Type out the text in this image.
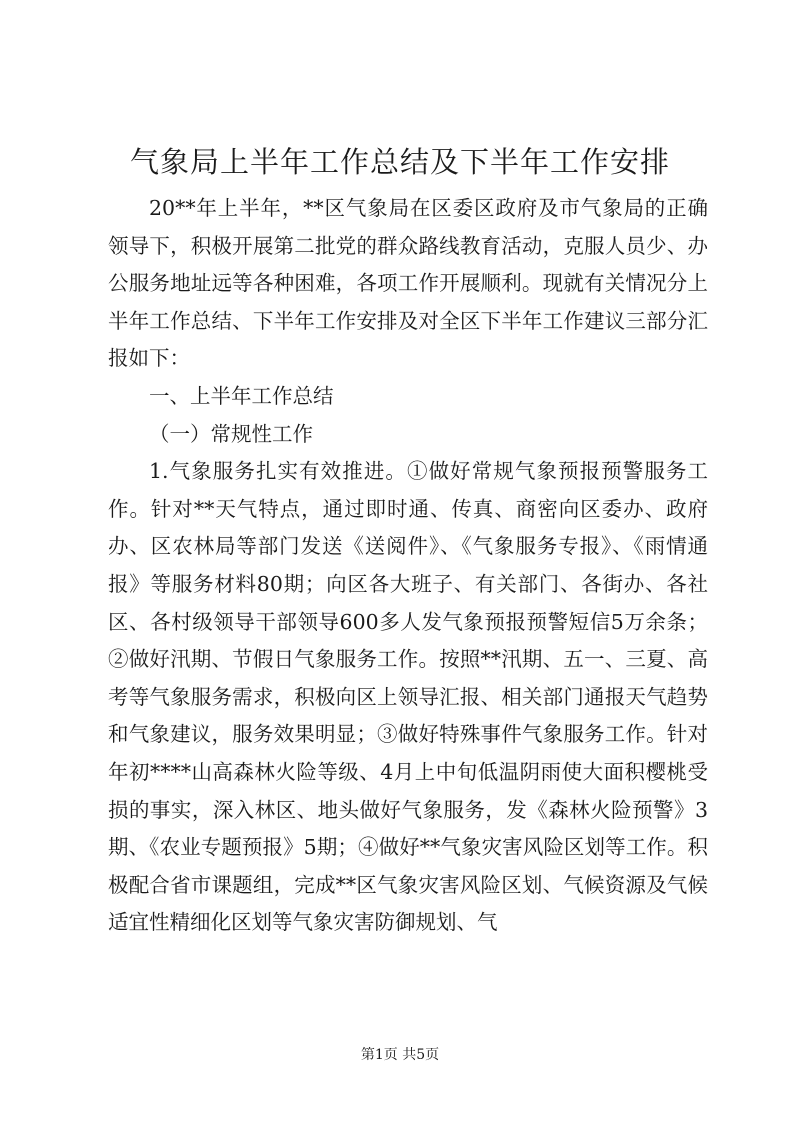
气象局上半年工作总结及下半年工作安排

20**年上半年，**区气象局在区委区政府及市气象局的正确领导下，积极开展第二批党的群众路线教育活动，克服人员少、办公服务地址远等各种困难，各项工作开展顺利。现就有关情况分上半年工作总结、下半年工作安排及对全区下半年工作建议三部分汇报如下：

一、上半年工作总结

（一）常规性工作

1.气象服务扎实有效推进。①做好常规气象预报预警服务工作。针对**天气特点，通过即时通、传真、商密向区委办、政府办、区农林局等部门发送《送阅件》、《气象服务专报》、《雨情通报》等服务材料80期；向区各大班子、有关部门、各街办、各社区、各村级领导干部领导600多人发气象预报预警短信5万余条；②做好汛期、节假日气象服务工作。按照**汛期、五一、三夏、高考等气象服务需求，积极向区上领导汇报、相关部门通报天气趋势和气象建议，服务效果明显；③做好特殊事件气象服务工作。针对年初****山高森林火险等级、4月上中旬低温阴雨使大面积樱桃受损的事实，深入林区、地头做好气象服务，发《森林火险预警》3期、《农业专题预报》5期；④做好**气象灾害风险区划等工作。积极配合省市课题组，完成**区气象灾害风险区划、气候资源及气候适宜性精细化区划等气象灾害防御规划、气

第1页 共5页
